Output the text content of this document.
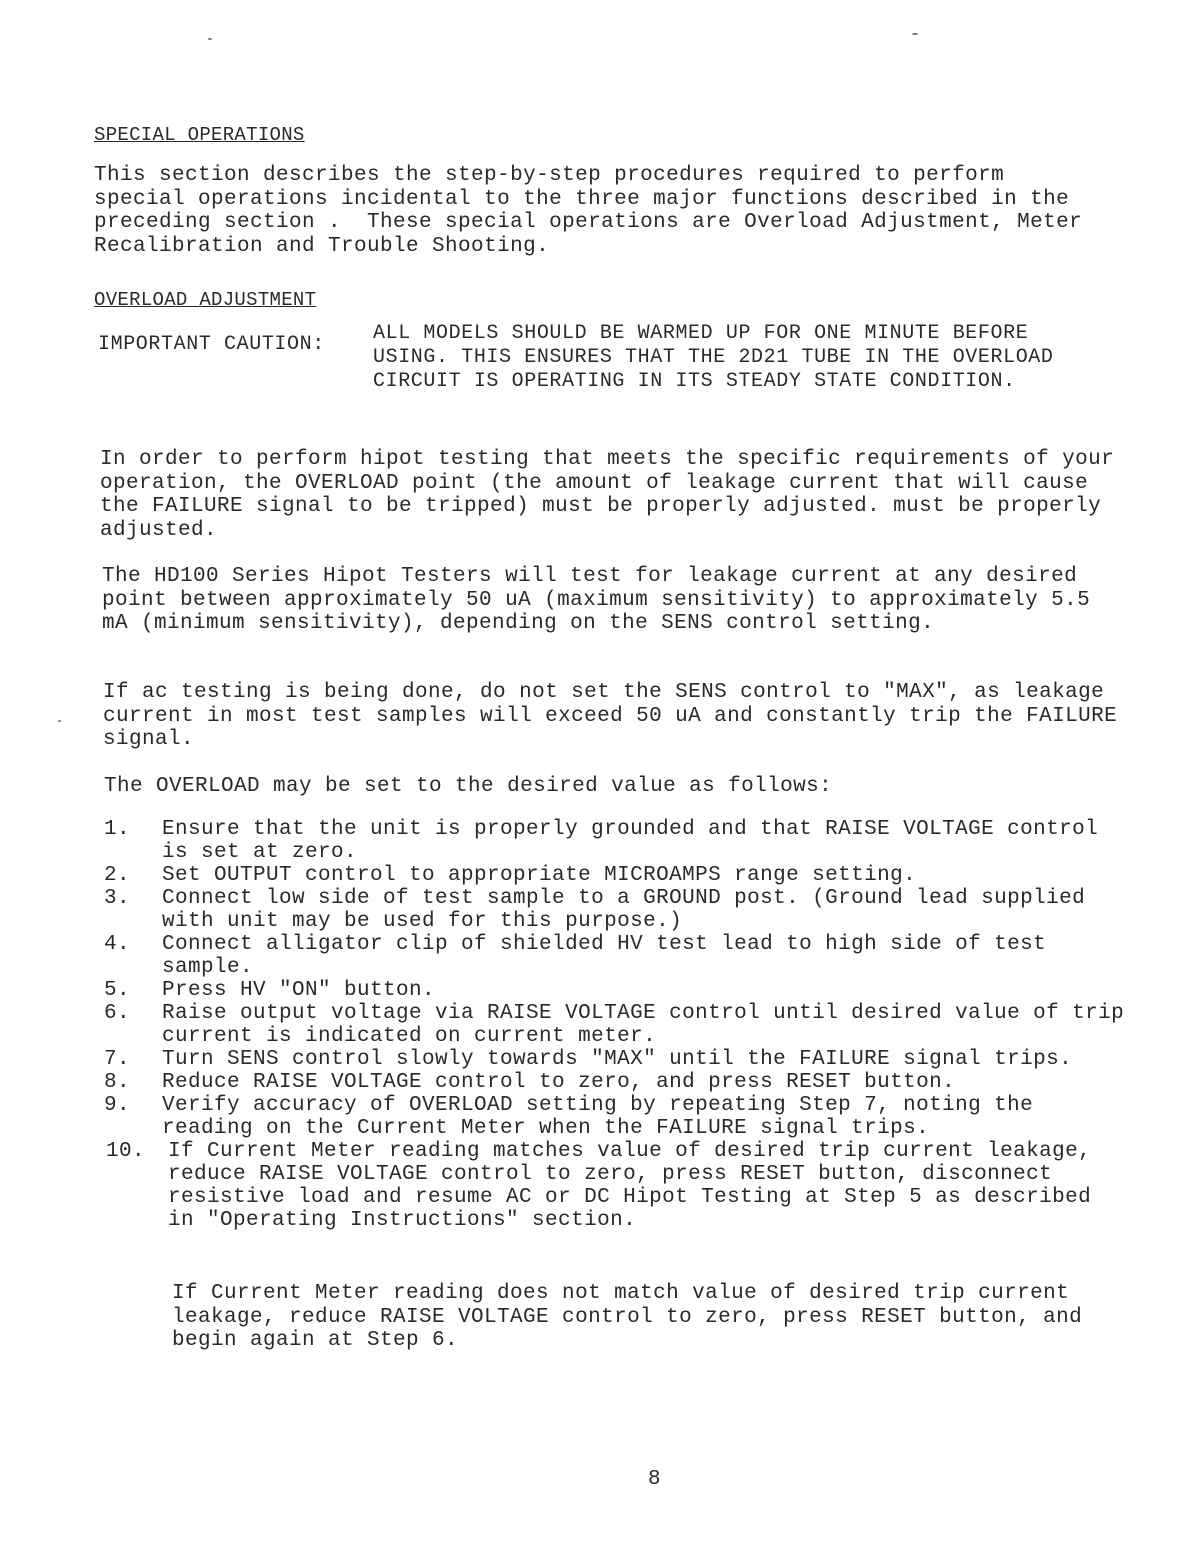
SPECIAL OPERATIONS
This section describes the step-by-step procedures required to perform special operations incidental to the three major functions described in the preceding section .  These special operations are Overload Adjustment, Meter Recalibration and Trouble Shooting.
OVERLOAD ADJUSTMENT
IMPORTANT CAUTION: ALL MODELS SHOULD BE WARMED UP FOR ONE MINUTE BEFORE USING. THIS ENSURES THAT THE 2D21 TUBE IN THE OVERLOAD CIRCUIT IS OPERATING IN ITS STEADY STATE CONDITION.
In order to perform hipot testing that meets the specific requirements of your operation, the OVERLOAD point (the amount of leakage current that will cause the FAILURE signal to be tripped) must be properly adjusted. must be properly adjusted.
The HD100 Series Hipot Testers will test for leakage current at any desired point between approximately 50 uA (maximum sensitivity) to approximately 5.5 mA (minimum sensitivity), depending on the SENS control setting.
If ac testing is being done, do not set the SENS control to "MAX", as leakage current in most test samples will exceed 50 uA and constantly trip the FAILURE signal.
The OVERLOAD may be set to the desired value as follows:
1. Ensure that the unit is properly grounded and that RAISE VOLTAGE control is set at zero.
2. Set OUTPUT control to appropriate MICROAMPS range setting.
3. Connect low side of test sample to a GROUND post. (Ground lead supplied with unit may be used for this purpose.)
4. Connect alligator clip of shielded HV test lead to high side of test sample.
5. Press HV "ON" button.
6. Raise output voltage via RAISE VOLTAGE control until desired value of trip current is indicated on current meter.
7. Turn SENS control slowly towards "MAX" until the FAILURE signal trips.
8. Reduce RAISE VOLTAGE control to zero, and press RESET button.
9. Verify accuracy of OVERLOAD setting by repeating Step 7, noting the reading on the Current Meter when the FAILURE signal trips.
10. If Current Meter reading matches value of desired trip current leakage, reduce RAISE VOLTAGE control to zero, press RESET button, disconnect resistive load and resume AC or DC Hipot Testing at Step 5 as described in "Operating Instructions" section.
If Current Meter reading does not match value of desired trip current leakage, reduce RAISE VOLTAGE control to zero, press RESET button, and begin again at Step 6.
8
